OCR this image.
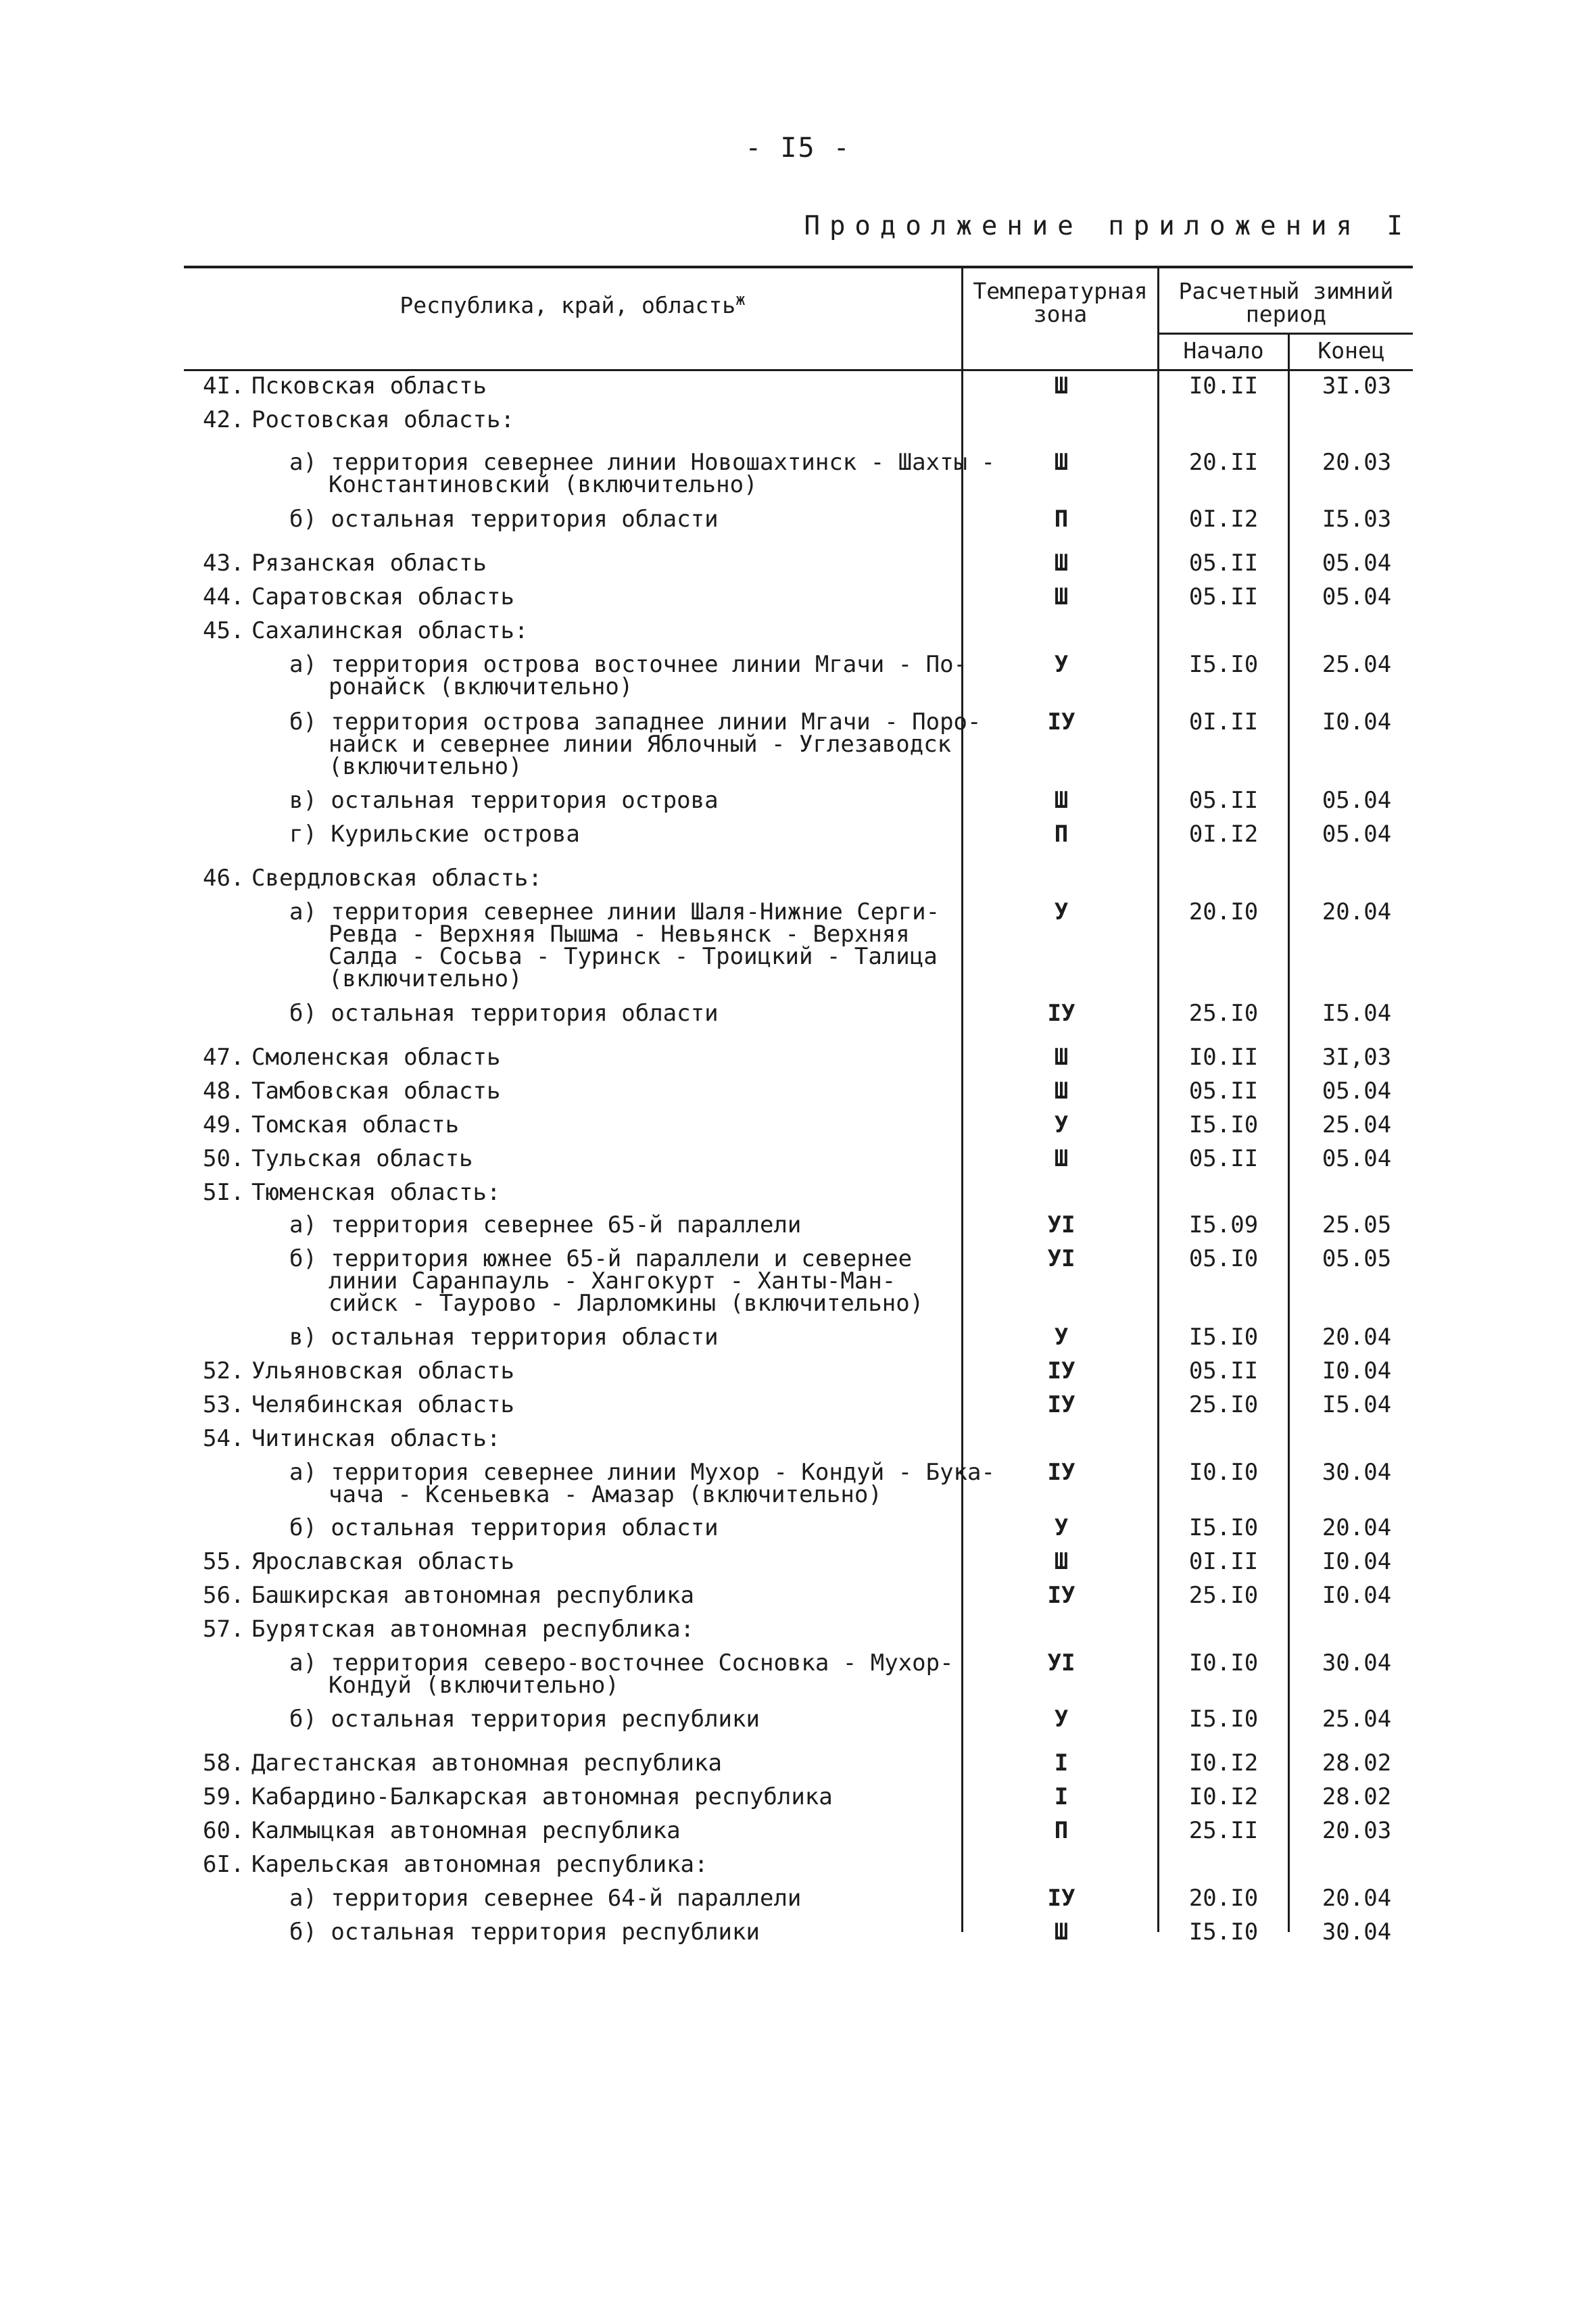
- I5 -
Продолжение приложения I
Республика, край, область$^ж$	Температурная
зона
Расчетный зимний
период
Начало	Конец
4I. Псковская область	Ш	I0.II	3I.03
42. Ростовская область:
а) территория севернее линии Новошахтинск - Шахты -
Константиновский (включительно)
Ш	20.II	20.03
б) остальная территория области	П	0I.I2	I5.03
43. Рязанская область	Ш	05.II	05.04
44. Саратовская область	Ш	05.II	05.04
45. Сахалинская область:
а) территория острова восточнее линии Мгачи - По-
ронайск (включительно)
У	I5.I0	25.04
б) территория острова западнее линии Мгачи - Поро-
найск и севернее линии Яблочный - Углезаводск
(включительно)
IУ	0I.II	I0.04
в) остальная территория острова	Ш	05.II	05.04
г) Курильские острова	П	0I.I2	05.04
46. Свердловская область:
а) территория севернее линии Шаля-Нижние Серги-
Ревда - Верхняя Пышма - Невьянск - Верхняя
Салда - Сосьва - Туринск - Троицкий - Талица
(включительно)
У	20.I0	20.04
б) остальная территория области	IУ	25.I0	I5.04
47. Смоленская область	Ш	I0.II	3I,03
48. Тамбовская область	Ш	05.II	05.04
49. Томская область	У	I5.I0	25.04
50. Тульская область	Ш	05.II	05.04
5I. Тюменская область:
а) территория севернее 65-й параллели	УI	I5.09	25.05
б) территория южнее 65-й параллели и севернее
линии Саранпауль - Хангокурт - Ханты-Ман-
сийск - Таурово - Ларломкины (включительно)
УI	05.I0	05.05
в) остальная территория области	У	I5.I0	20.04
52. Ульяновская область	IУ	05.II	I0.04
53. Челябинская область	IУ	25.I0	I5.04
54. Читинская область:
а) территория севернее линии Мухор - Кондуй - Бука-
чача - Ксеньевка - Амазар (включительно)
IУ	I0.I0	30.04
б) остальная территория области	У	I5.I0	20.04
55. Ярославская область	Ш	0I.II	I0.04
56. Башкирская автономная республика	IУ	25.I0	I0.04
57. Бурятская автономная республика:
а) территория северо-восточнее Сосновка - Мухор-
Кондуй (включительно)
УI	I0.I0	30.04
б) остальная территория республики	У	I5.I0	25.04
58. Дагестанская автономная республика	I	I0.I2	28.02
59. Кабардино-Балкарская автономная республика	I	I0.I2	28.02
60. Калмыцкая автономная республика	П	25.II	20.03
6I. Карельская автономная республика:
а) территория севернее 64-й параллели	IУ	20.I0	20.04
б) остальная территория республики	Ш	I5.I0	30.04
